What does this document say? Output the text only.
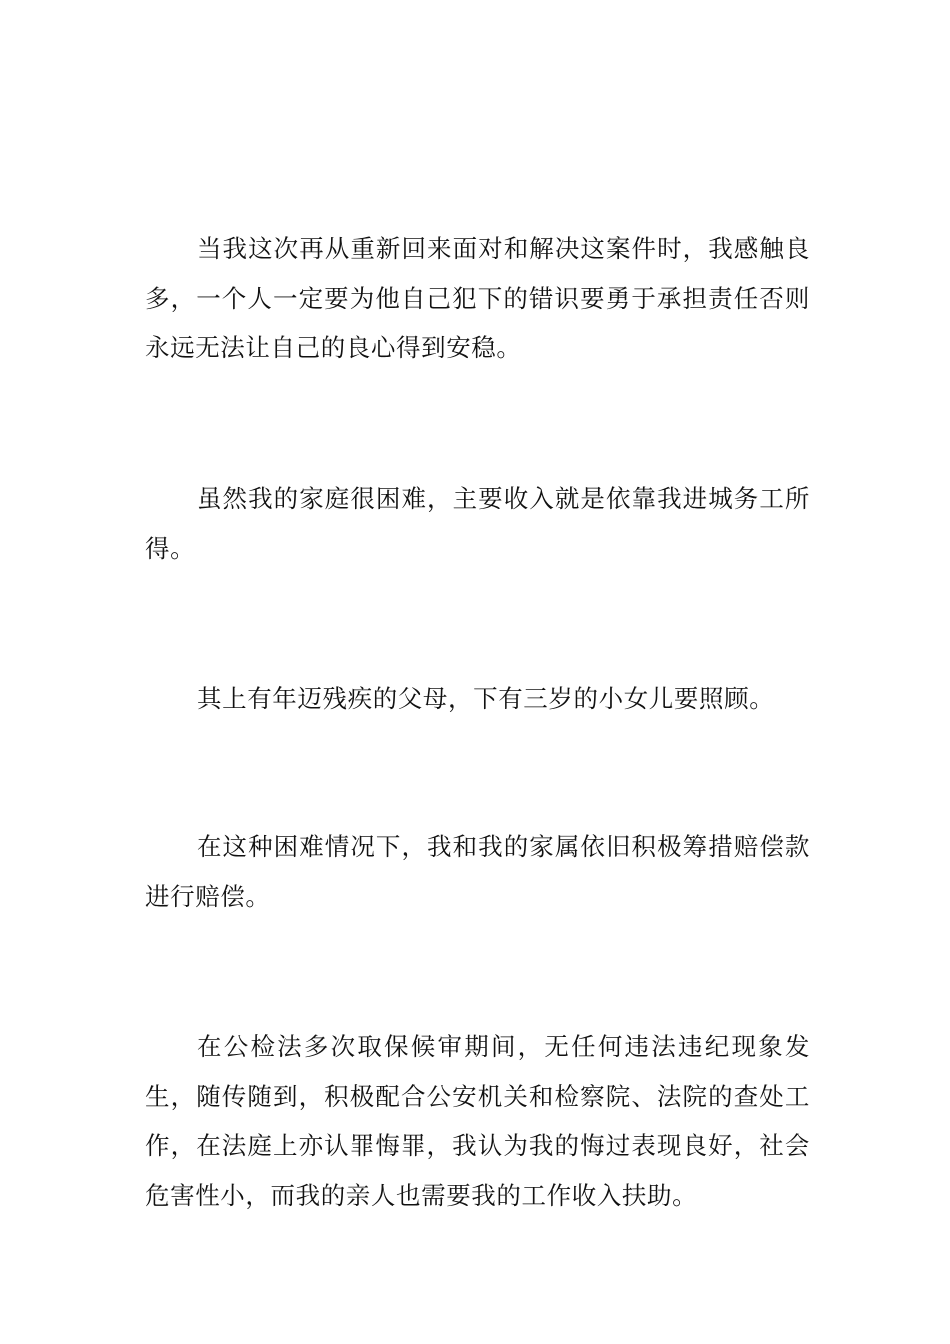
当我这次再从重新回来面对和解决这案件时，我感触良多，一个人一定要为他自己犯下的错识要勇于承担责任否则永远无法让自己的良心得到安稳。

虽然我的家庭很困难，主要收入就是依靠我进城务工所得。

其上有年迈残疾的父母，下有三岁的小女儿要照顾。

在这种困难情况下，我和我的家属依旧积极筹措赔偿款进行赔偿。

在公检法多次取保候审期间，无任何违法违纪现象发生，随传随到，积极配合公安机关和检察院、法院的查处工作，在法庭上亦认罪悔罪，我认为我的悔过表现良好，社会危害性小，而我的亲人也需要我的工作收入扶助。
